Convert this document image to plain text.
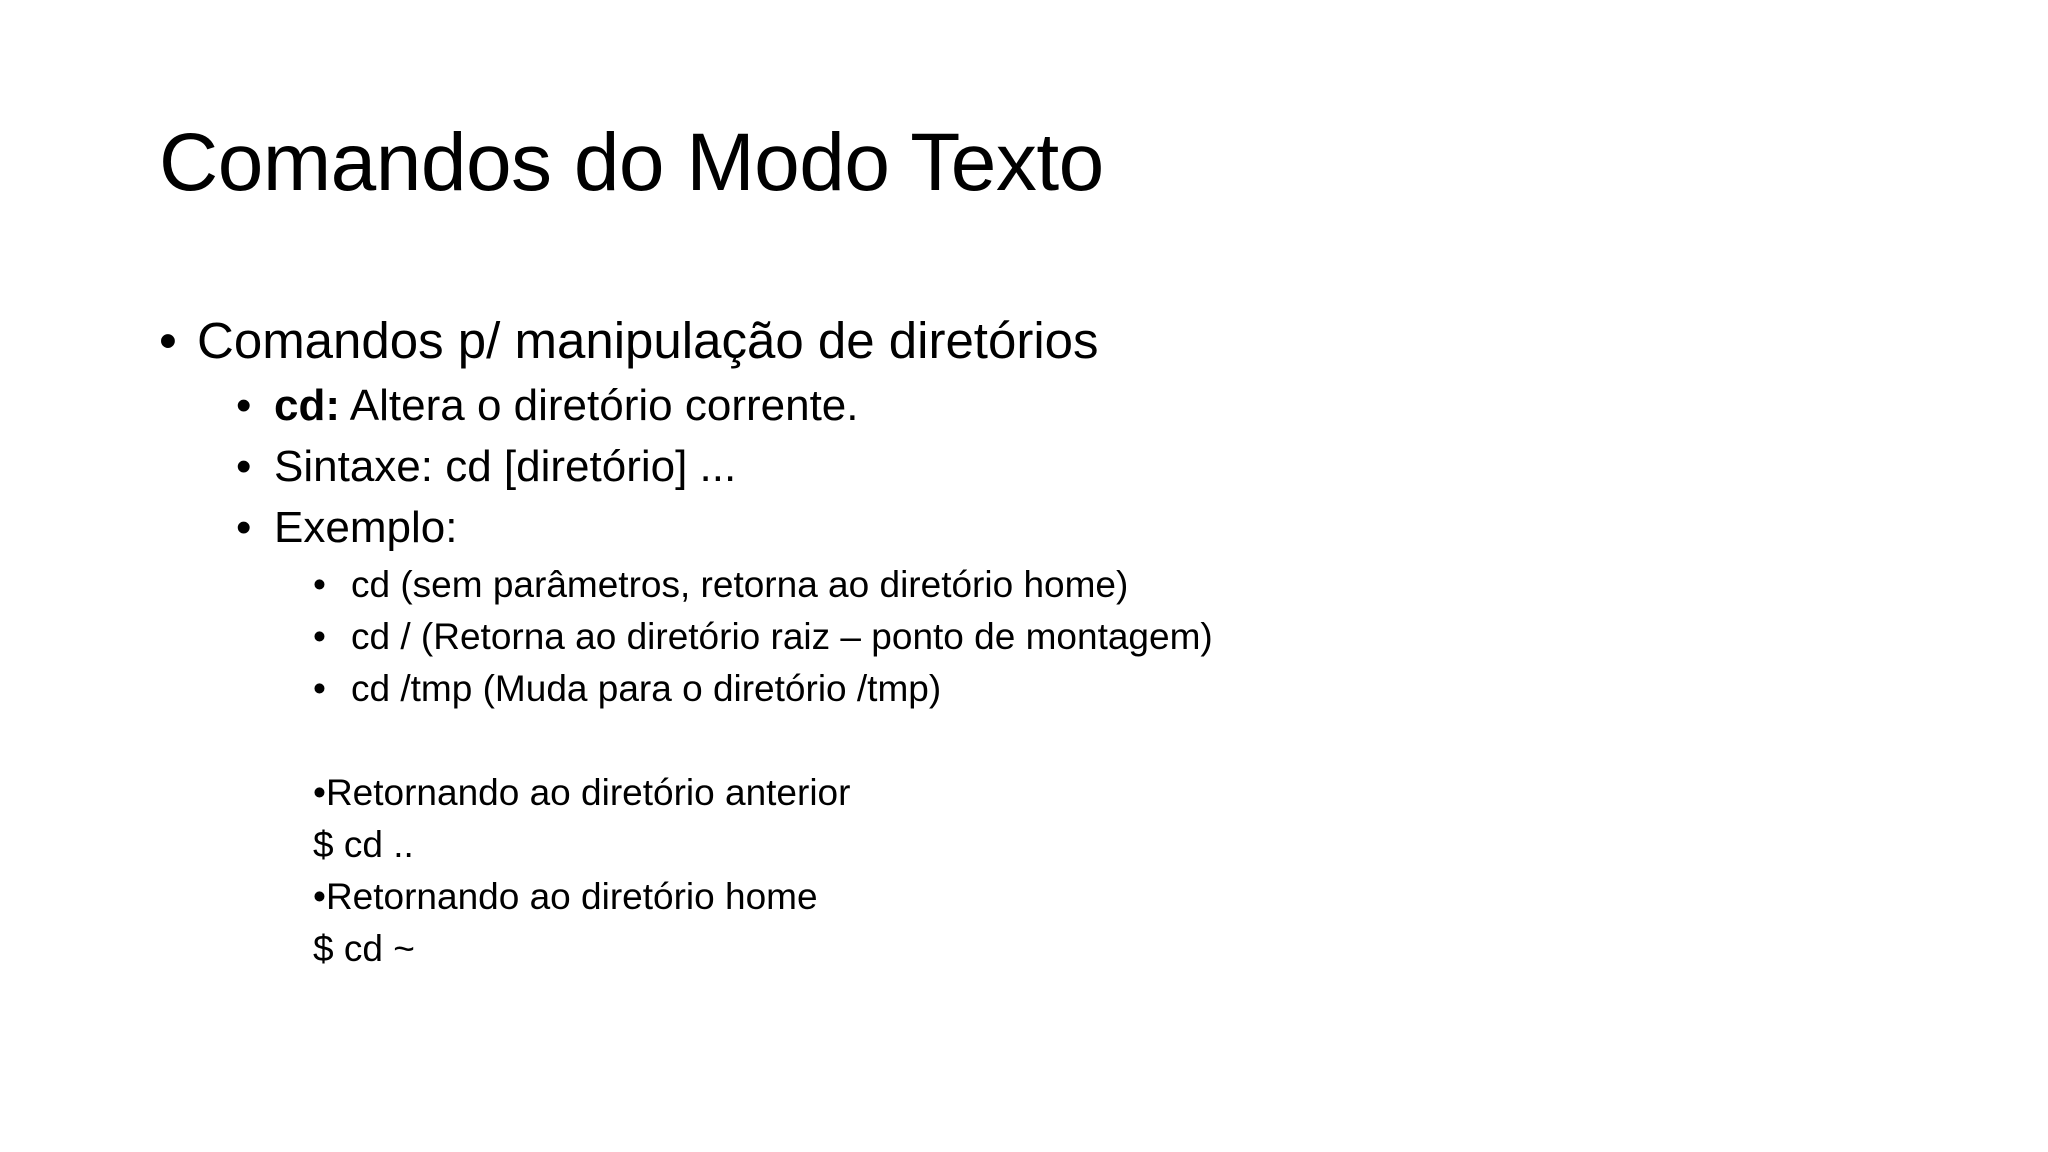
Comandos do Modo Texto
• Comandos p/ manipulação de diretórios
• cd: Altera o diretório corrente.
• Sintaxe: cd [diretório] ...
• Exemplo:
• cd (sem parâmetros, retorna ao diretório home)
• cd / (Retorna ao diretório raiz – ponto de montagem)
• cd /tmp (Muda para o diretório /tmp)
•Retornando ao diretório anterior
$ cd ..
•Retornando ao diretório home
$ cd ~
